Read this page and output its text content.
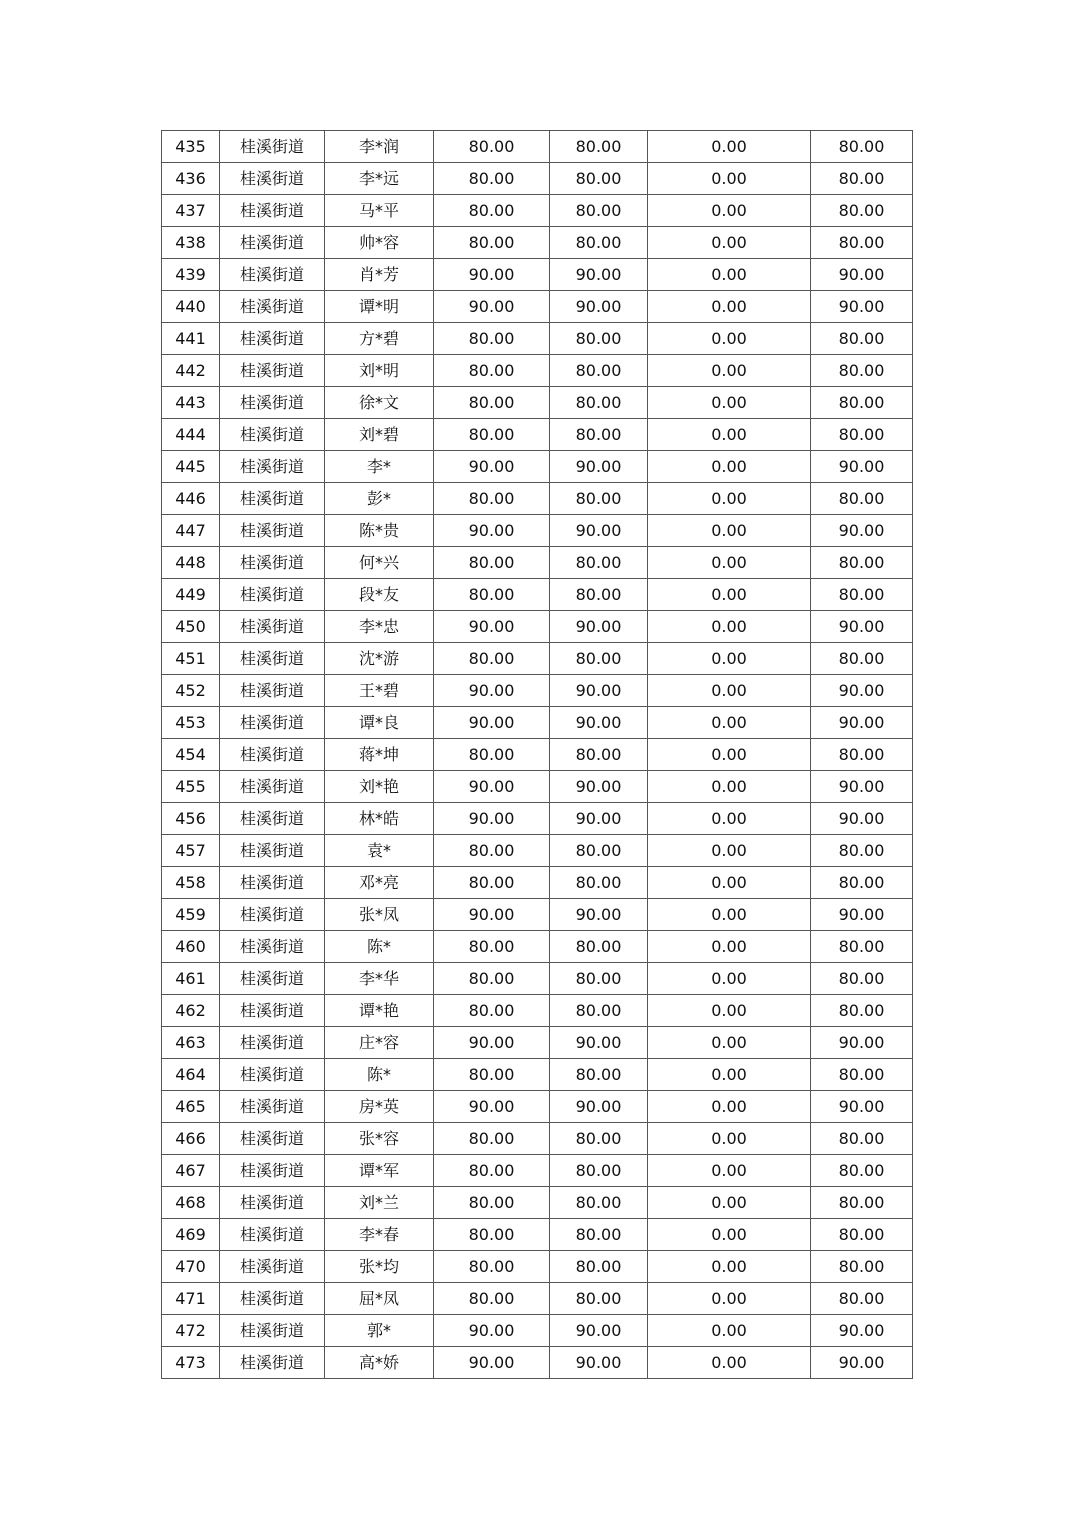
435	桂溪街道	李*润	80.00	80.00	0.00	80.00
436	桂溪街道	李*远	80.00	80.00	0.00	80.00
437	桂溪街道	马*平	80.00	80.00	0.00	80.00
438	桂溪街道	帅*容	80.00	80.00	0.00	80.00
439	桂溪街道	肖*芳	90.00	90.00	0.00	90.00
440	桂溪街道	谭*明	90.00	90.00	0.00	90.00
441	桂溪街道	方*碧	80.00	80.00	0.00	80.00
442	桂溪街道	刘*明	80.00	80.00	0.00	80.00
443	桂溪街道	徐*文	80.00	80.00	0.00	80.00
444	桂溪街道	刘*碧	80.00	80.00	0.00	80.00
445	桂溪街道	李*	90.00	90.00	0.00	90.00
446	桂溪街道	彭*	80.00	80.00	0.00	80.00
447	桂溪街道	陈*贵	90.00	90.00	0.00	90.00
448	桂溪街道	何*兴	80.00	80.00	0.00	80.00
449	桂溪街道	段*友	80.00	80.00	0.00	80.00
450	桂溪街道	李*忠	90.00	90.00	0.00	90.00
451	桂溪街道	沈*游	80.00	80.00	0.00	80.00
452	桂溪街道	王*碧	90.00	90.00	0.00	90.00
453	桂溪街道	谭*良	90.00	90.00	0.00	90.00
454	桂溪街道	蒋*坤	80.00	80.00	0.00	80.00
455	桂溪街道	刘*艳	90.00	90.00	0.00	90.00
456	桂溪街道	林*皓	90.00	90.00	0.00	90.00
457	桂溪街道	袁*	80.00	80.00	0.00	80.00
458	桂溪街道	邓*亮	80.00	80.00	0.00	80.00
459	桂溪街道	张*凤	90.00	90.00	0.00	90.00
460	桂溪街道	陈*	80.00	80.00	0.00	80.00
461	桂溪街道	李*华	80.00	80.00	0.00	80.00
462	桂溪街道	谭*艳	80.00	80.00	0.00	80.00
463	桂溪街道	庄*容	90.00	90.00	0.00	90.00
464	桂溪街道	陈*	80.00	80.00	0.00	80.00
465	桂溪街道	房*英	90.00	90.00	0.00	90.00
466	桂溪街道	张*容	80.00	80.00	0.00	80.00
467	桂溪街道	谭*军	80.00	80.00	0.00	80.00
468	桂溪街道	刘*兰	80.00	80.00	0.00	80.00
469	桂溪街道	李*春	80.00	80.00	0.00	80.00
470	桂溪街道	张*均	80.00	80.00	0.00	80.00
471	桂溪街道	屈*凤	80.00	80.00	0.00	80.00
472	桂溪街道	郭*	90.00	90.00	0.00	90.00
473	桂溪街道	高*娇	90.00	90.00	0.00	90.00
